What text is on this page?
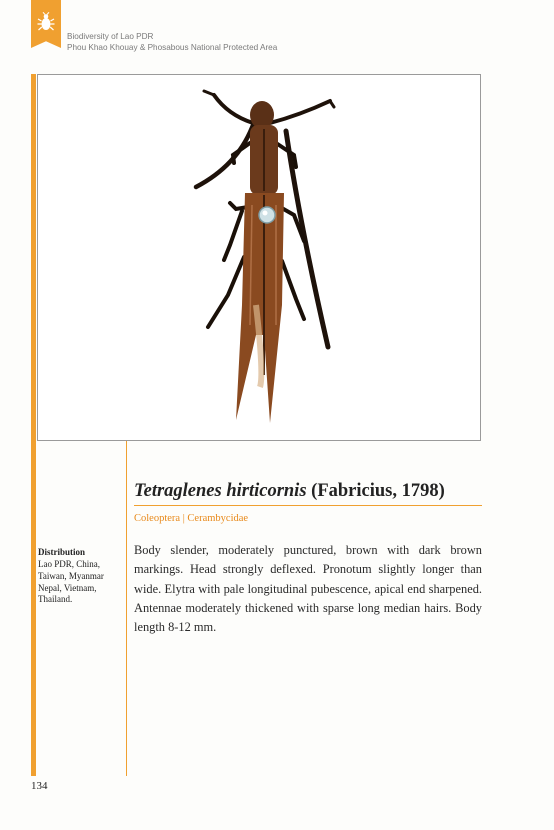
Biodiversity of Lao PDR
Phou Khao Khouay & Phosabous National Protected Area
Tetraglenes hirticornis (Fabricius, 1798)
Coleoptera | Cerambycidae
Body slender, moderately punctured, brown with dark brown markings. Head strongly deflexed. Pronotum slightly longer than wide. Elytra with pale longitudinal pubescence, apical end sharpened. Antennae moderately thickened with sparse long median hairs. Body length 8-12 mm.
Distribution
Lao PDR, China, Taiwan, Myanmar Nepal, Vietnam, Thailand.
134
